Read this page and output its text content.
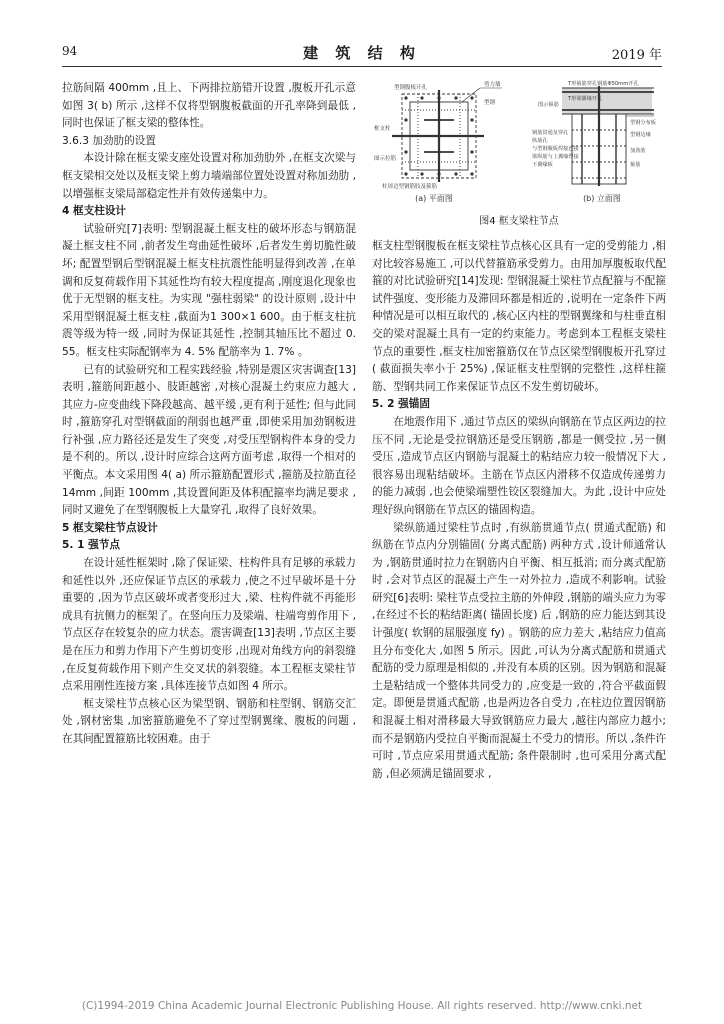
94	建 筑 结 构	2019 年

拉筋间隔 400mm ,且上、下两排拉筋错开设置 ,腹板开孔示意如图 3( b) 所示 ,这样不仅将型钢腹板截面的开孔率降到最低 ,同时也保证了框支梁的整体性。

3.6.3 加劲肋的设置

本设计除在框支梁支座处设置对称加劲肋外 ,在框支次梁与框支梁相交处以及框支梁上剪力墙端部位置处设置对称加劲肋 ,以增强框支梁局部稳定性并有效传递集中力。

4 框支柱设计

试验研究[7]表明: 型钢混凝土框支柱的破坏形态与钢筋混凝土框支柱不同 ,前者发生弯曲延性破坏 ,后者发生剪切脆性破坏; 配置型钢后型钢混凝土框支柱抗震性能明显得到改善 ,在单调和反复荷载作用下其延性均有较大程度提高 ,刚度退化现象也优于无型钢的框支柱。为实现 "强柱弱梁" 的设计原则 ,设计中采用型钢混凝土框支柱 ,截面为1 300×1 600。由于框支柱抗震等级为特一级 ,同时为保证其延性 ,控制其轴压比不超过 0. 55。框支柱实际配钢率为 4. 5% 配筋率为 1. 7% 。

已有的试验研究和工程实践经验 ,特别是震区灾害调查[13]表明 ,箍筋间距越小、肢距越密 ,对核心混凝土约束应力越大 ,其应力-应变曲线下降段越高、越平缓 ,更有利于延性; 但与此同时 ,箍筋穿孔对型钢截面的削弱也越严重 ,即使采用加劲钢板进行补强 ,应力路径还是发生了突变 ,对受压型钢构件本身的受力是不利的。所以 ,设计时应综合这两方面考虑 ,取得一个相对的平衡点。本文采用图 4( a) 所示箍筋配置形式 ,箍筋及拉筋直径 14mm ,间距 100mm ,其设置间距及体积配箍率均满足要求 ,同时又避免了在型钢腹板上大量穿孔 ,取得了良好效果。

5 框支梁柱节点设计
5. 1 强节点

在设计延性框架时 ,除了保证梁、柱构件具有足够的承载力和延性以外 ,还应保证节点区的承载力 ,使之不过早破坏是十分重要的 ,因为节点区破坏或者变形过大 ,梁、柱构件就不再能形成具有抗侧力的框架了。在竖向压力及梁端、柱端弯剪作用下 ,节点区存在较复杂的应力状态。震害调查[13]表明 ,节点区主要是在压力和剪力作用下产生剪切变形 ,出现对角线方向的斜裂缝 ,在反复荷载作用下则产生交叉状的斜裂缝。本工程框支梁柱节点采用刚性连接方案 ,具体连接节点如图 4 所示。

框支梁柱节点核心区为梁型钢、钢筋和柱型钢、钢筋交汇处 ,钢材密集 ,加密箍筋避免不了穿过型钢翼缘、腹板的问题 ,在其间配置箍筋比较困难。由于

型钢腹板开孔	剪力墙
型钢
框支柱
图示拉筋
柱周边型钢筋肢及箍筋
(a) 平面图
T形箍筋穿孔钢筋Φ50mm开孔
T形梁翼缘开孔
图示箍筋
型钢分布板
钢筋贯通及穿孔
纵筋孔
型钢边缘
与型钢腹板焊接连接
梁纵筋与上翼缘焊接
下翼缘板
加劲肋
箍筋
(b) 立面图
图4 框支梁柱节点

框支柱型钢腹板在框支梁柱节点核心区具有一定的受剪能力 ,相对比较容易施工 ,可以代替箍筋承受剪力。由用加厚腹板取代配箍的对比试验研究[14]发现: 型钢混凝土梁柱节点配箍与不配箍试件强度、变形能力及滞回环都是相近的 ,说明在一定条件下两种情况是可以相互取代的 ,核心区内柱的型钢翼缘和与柱垂直相交的梁对混凝土具有一定的约束能力。考虑到本工程框支梁柱节点的重要性 ,框支柱加密箍筋仅在节点区梁型钢腹板开孔穿过( 截面损失率小于 25%) ,保证框支柱型钢的完整性 ,这样柱箍筋、型钢共同工作来保证节点区不发生剪切破坏。

5. 2 强锚固

在地震作用下 ,通过节点区的梁纵向钢筋在节点区两边的拉压不同 ,无论是受拉钢筋还是受压钢筋 ,都是一侧受拉 ,另一侧受压 ,造成节点区内钢筋与混凝土的粘结应力较一般情况下大 ,很容易出现粘结破坏。主筋在节点区内滑移不仅造成传递剪力的能力减弱 ,也会使梁端塑性铰区裂缝加大。为此 ,设计中应处理好纵向钢筋在节点区的锚固构造。

梁纵筋通过梁柱节点时 ,有纵筋贯通节点( 贯通式配筋) 和纵筋在节点内分別锚固( 分离式配筋) 两种方式 ,设计师通常认为 ,钢筋贯通时拉力在钢筋内自平衡、相互抵消; 而分离式配筋时 ,会对节点区的混凝土产生一对外拉力 ,造成不利影响。试验研究[6]表明: 梁柱节点受拉主筋的外伸段 ,钢筋的端头应力为零 ,在经过不长的粘结距离( 锚固长度) 后 ,钢筋的应力能达到其设计强度( 软钢的屈服强度 fy) 。钢筋的应力差大 ,粘结应力值高且分布变化大 ,如图 5 所示。因此 ,可认为分离式配筋和贯通式配筋的受力原理是相似的 ,并没有本质的区别。因为钢筋和混凝土是粘结成一个整体共同受力的 ,应变是一致的 ,符合平截面假定。即便是贯通式配筋 ,也是两边各自受力 ,在柱边位置因钢筋和混凝土相对滑移最大导致钢筋应力最大 ,越往内部应力越小; 而不是钢筋内受拉自平衡而混凝土不受力的情形。所以 ,条件许可时 ,节点应采用贯通式配筋; 条件限制时 ,也可采用分离式配筋 ,但必须满足锚固要求 ,

(C)1994-2019 China Academic Journal Electronic Publishing House. All rights reserved. http://www.cnki.net
